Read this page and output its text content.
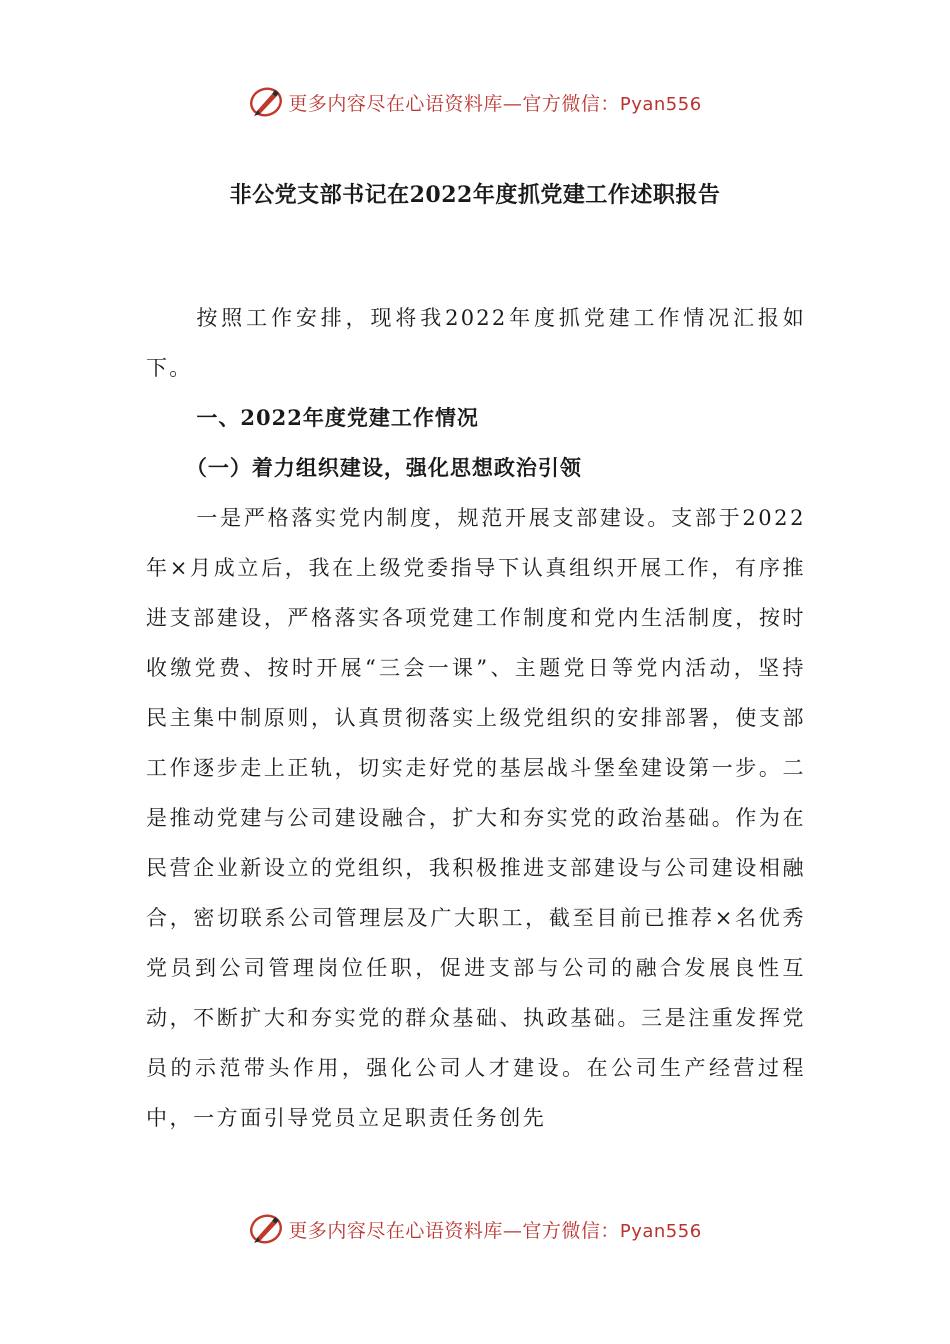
更多内容尽在心语资料库—官方微信：Pyan556
非公党支部书记在2022年度抓党建工作述职报告

按照工作安排，现将我2022年度抓党建工作情况汇报如下。

一、2022年度党建工作情况
（一）着力组织建设，强化思想政治引领

一是严格落实党内制度，规范开展支部建设。支部于2022年×月成立后，我在上级党委指导下认真组织开展工作，有序推进支部建设，严格落实各项党建工作制度和党内生活制度，按时收缴党费、按时开展“三会一课”、主题党日等党内活动，坚持民主集中制原则，认真贯彻落实上级党组织的安排部署，使支部工作逐步走上正轨，切实走好党的基层战斗堡垒建设第一步。二是推动党建与公司建设融合，扩大和夯实党的政治基础。作为在民营企业新设立的党组织，我积极推进支部建设与公司建设相融合，密切联系公司管理层及广大职工，截至目前已推荐×名优秀党员到公司管理岗位任职，促进支部与公司的融合发展良性互动，不断扩大和夯实党的群众基础、执政基础。三是注重发挥党员的示范带头作用，强化公司人才建设。在公司生产经营过程中，一方面引导党员立足职责任务创先

更多内容尽在心语资料库—官方微信：Pyan556
